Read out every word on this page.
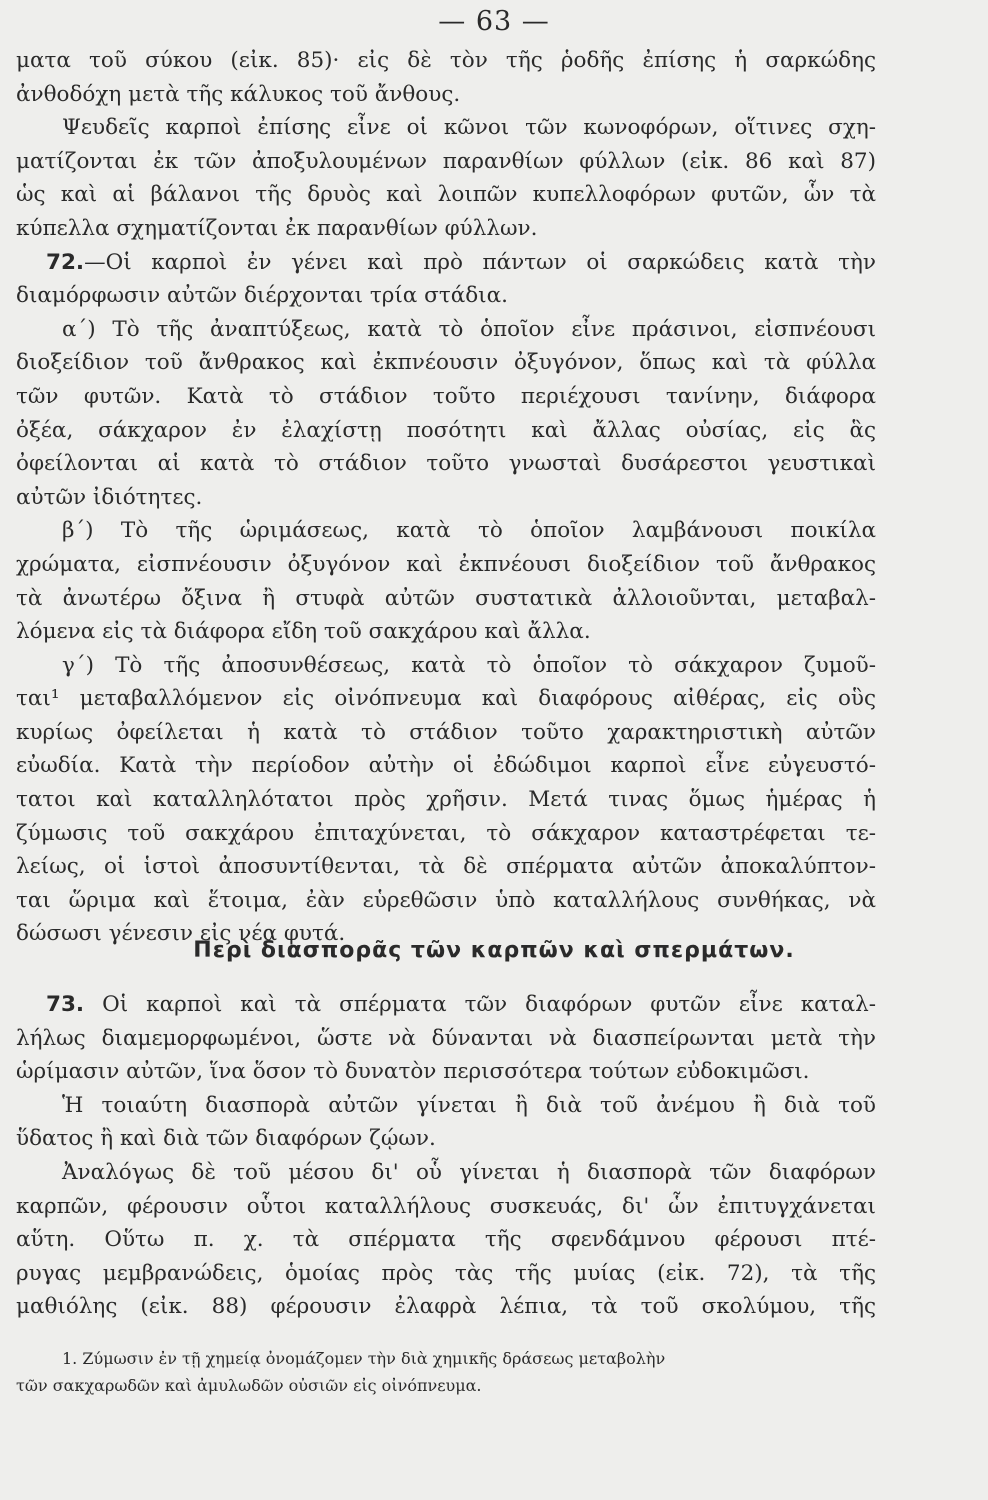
— 63 —
ματα τοῦ σύκου (εἰκ. 85)· εἰς δὲ τὸν τῆς ῥοδῆς ἐπίσης ἡ σαρκώδης
ἀνθοδόχη μετὰ τῆς κάλυκος τοῦ ἄνθους.
Ψευδεῖς καρποὶ ἐπίσης εἶνε οἱ κῶνοι τῶν κωνοφόρων, οἵτινες σχη-
ματίζονται ἐκ τῶν ἀποξυλουμένων παρανθίων φύλλων (εἰκ. 86 καὶ 87)
ὡς καὶ αἱ βάλανοι τῆς δρυὸς καὶ λοιπῶν κυπελλοφόρων φυτῶν, ὧν τὰ
κύπελλα σχηματίζονται ἐκ παρανθίων φύλλων.
72.—Οἱ καρποὶ ἐν γένει καὶ πρὸ πάντων οἱ σαρκώδεις κατὰ τὴν
διαμόρφωσιν αὐτῶν διέρχονται τρία στάδια.
α΄) Τὸ τῆς ἀναπτύξεως, κατὰ τὸ ὁποῖον εἶνε πράσινοι, εἰσπνέουσι
διοξείδιον τοῦ ἄνθρακος καὶ ἐκπνέουσιν ὀξυγόνον, ὅπως καὶ τὰ φύλλα
τῶν φυτῶν. Κατὰ τὸ στάδιον τοῦτο περιέχουσι τανίνην, διάφορα
ὀξέα, σάκχαρον ἐν ἐλαχίστῃ ποσότητι καὶ ἄλλας οὐσίας, εἰς ἃς
ὀφείλονται αἱ κατὰ τὸ στάδιον τοῦτο γνωσταὶ δυσάρεστοι γευστικαὶ
αὐτῶν ἰδιότητες.
β΄) Τὸ τῆς ὡριμάσεως, κατὰ τὸ ὁποῖον λαμβάνουσι ποικίλα
χρώματα, εἰσπνέουσιν ὀξυγόνον καὶ ἐκπνέουσι διοξείδιον τοῦ ἄνθρακος
τὰ ἀνωτέρω ὄξινα ἢ στυφὰ αὐτῶν συστατικὰ ἀλλοιοῦνται, μεταβαλ-
λόμενα εἰς τὰ διάφορα εἴδη τοῦ σακχάρου καὶ ἄλλα.
γ΄) Τὸ τῆς ἀποσυνθέσεως, κατὰ τὸ ὁποῖον τὸ σάκχαρον ζυμοῦ-
ται¹ μεταβαλλόμενον εἰς οἰνόπνευμα καὶ διαφόρους αἰθέρας, εἰς οὓς
κυρίως ὀφείλεται ἡ κατὰ τὸ στάδιον τοῦτο χαρακτηριστικὴ αὐτῶν
εὐωδία. Κατὰ τὴν περίοδον αὐτὴν οἱ ἐδώδιμοι καρποὶ εἶνε εὐγευστό-
τατοι καὶ καταλληλότατοι πρὸς χρῆσιν. Μετά τινας ὅμως ἡμέρας ἡ
ζύμωσις τοῦ σακχάρου ἐπιταχύνεται, τὸ σάκχαρον καταστρέφεται τε-
λείως, οἱ ἱστοὶ ἀποσυντίθενται, τὰ δὲ σπέρματα αὐτῶν ἀποκαλύπτον-
ται ὥριμα καὶ ἕτοιμα, ἐὰν εὑρεθῶσιν ὑπὸ καταλλήλους συνθήκας, νὰ
δώσωσι γένεσιν εἰς νέα φυτά.
Περὶ διασπορᾶς τῶν καρπῶν καὶ σπερμάτων.
73. Οἱ καρποὶ καὶ τὰ σπέρματα τῶν διαφόρων φυτῶν εἶνε καταλ-
λήλως διαμεμορφωμένοι, ὥστε νὰ δύνανται νὰ διασπείρωνται μετὰ τὴν
ὡρίμασιν αὐτῶν, ἵνα ὅσον τὸ δυνατὸν περισσότερα τούτων εὐδοκιμῶσι.
Ἡ τοιαύτη διασπορὰ αὐτῶν γίνεται ἢ διὰ τοῦ ἀνέμου ἢ διὰ τοῦ
ὕδατος ἢ καὶ διὰ τῶν διαφόρων ζῴων.
Ἀναλόγως δὲ τοῦ μέσου δι' οὗ γίνεται ἡ διασπορὰ τῶν διαφόρων
καρπῶν, φέρουσιν οὗτοι καταλλήλους συσκευάς, δι' ὧν ἐπιτυγχάνεται
αὕτη. Οὕτω π. χ. τὰ σπέρματα τῆς σφενδάμνου φέρουσι πτέ-
ρυγας μεμβρανώδεις, ὁμοίας πρὸς τὰς τῆς μυίας (εἰκ. 72), τὰ τῆς
μαθιόλης (εἰκ. 88) φέρουσιν ἐλαφρὰ λέπια, τὰ τοῦ σκολύμου, τῆς
1. Ζύμωσιν ἐν τῇ χημείᾳ ὀνομάζομεν τὴν διὰ χημικῆς δράσεως μεταβολὴν
τῶν σακχαρωδῶν καὶ ἀμυλωδῶν οὐσιῶν εἰς οἰνόπνευμα.
